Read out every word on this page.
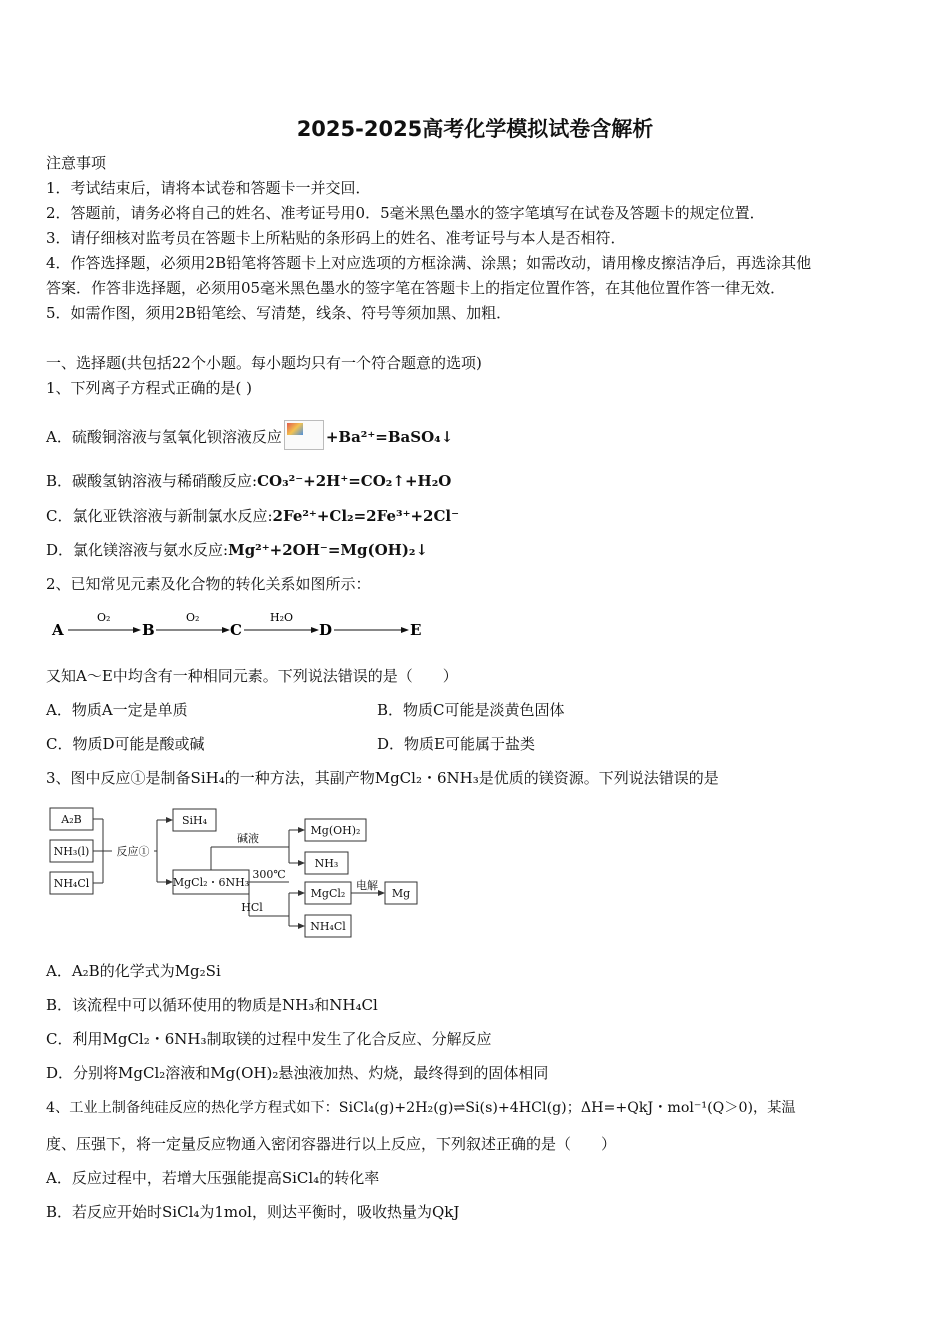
2025-2025高考化学模拟试卷含解析
注意事项
1．考试结束后，请将本试卷和答题卡一并交回．
2．答题前，请务必将自己的姓名、准考证号用0．5毫米黑色墨水的签字笔填写在试卷及答题卡的规定位置．
3．请仔细核对监考员在答题卡上所粘贴的条形码上的姓名、准考证号与本人是否相符．
4．作答选择题，必须用2B铅笔将答题卡上对应选项的方框涂满、涂黑；如需改动，请用橡皮擦洁净后，再选涂其他
答案．作答非选择题，必须用05毫米黑色墨水的签字笔在答题卡上的指定位置作答，在其他位置作答一律无效．
5．如需作图，须用2B铅笔绘、写清楚，线条、符号等须加黑、加粗．
一、选择题(共包括22个小题。每小题均只有一个符合题意的选项)
1、下列离子方程式正确的是( )
A．硫酸铜溶液与氢氧化钡溶液反应	+Ba²⁺=BaSO₄↓
B．碳酸氢钠溶液与稀硝酸反应:CO₃²⁻+2H⁺=CO₂↑+H₂O
C．氯化亚铁溶液与新制氯水反应:2Fe²⁺+Cl₂=2Fe³⁺+2Cl⁻
D．氯化镁溶液与氨水反应:Mg²⁺+2OH⁻=Mg(OH)₂↓
2、已知常见元素及化合物的转化关系如图所示：
A
O₂
B
O₂
C
H₂O
D	E
又知A～E中均含有一种相同元素。下列说法错误的是（　　）
A．物质A一定是单质	B．物质C可能是淡黄色固体
C．物质D可能是酸或碱	D．物质E可能属于盐类
3、图中反应①是制备SiH₄的一种方法，其副产物MgCl₂・6NH₃是优质的镁资源。下列说法错误的是
A₂B
NH₃(l)
NH₄Cl
反应①
SiH₄
MgCl₂・6NH₃
碱液
300℃
HCl
Mg(OH)₂
NH₃
MgCl₂
NH₄Cl
电解
Mg
A．A₂B的化学式为Mg₂Si
B．该流程中可以循环使用的物质是NH₃和NH₄Cl
C．利用MgCl₂・6NH₃制取镁的过程中发生了化合反应、分解反应
D．分别将MgCl₂溶液和Mg(OH)₂悬浊液加热、灼烧，最终得到的固体相同
4、工业上制备纯硅反应的热化学方程式如下：SiCl₄(g)+2H₂(g)⇌Si(s)+4HCl(g)；ΔH=+QkJ・mol⁻¹(Q＞0)，某温
度、压强下，将一定量反应物通入密闭容器进行以上反应，下列叙述正确的是（　　）
A．反应过程中，若增大压强能提高SiCl₄的转化率
B．若反应开始时SiCl₄为1mol，则达平衡时，吸收热量为QkJ
